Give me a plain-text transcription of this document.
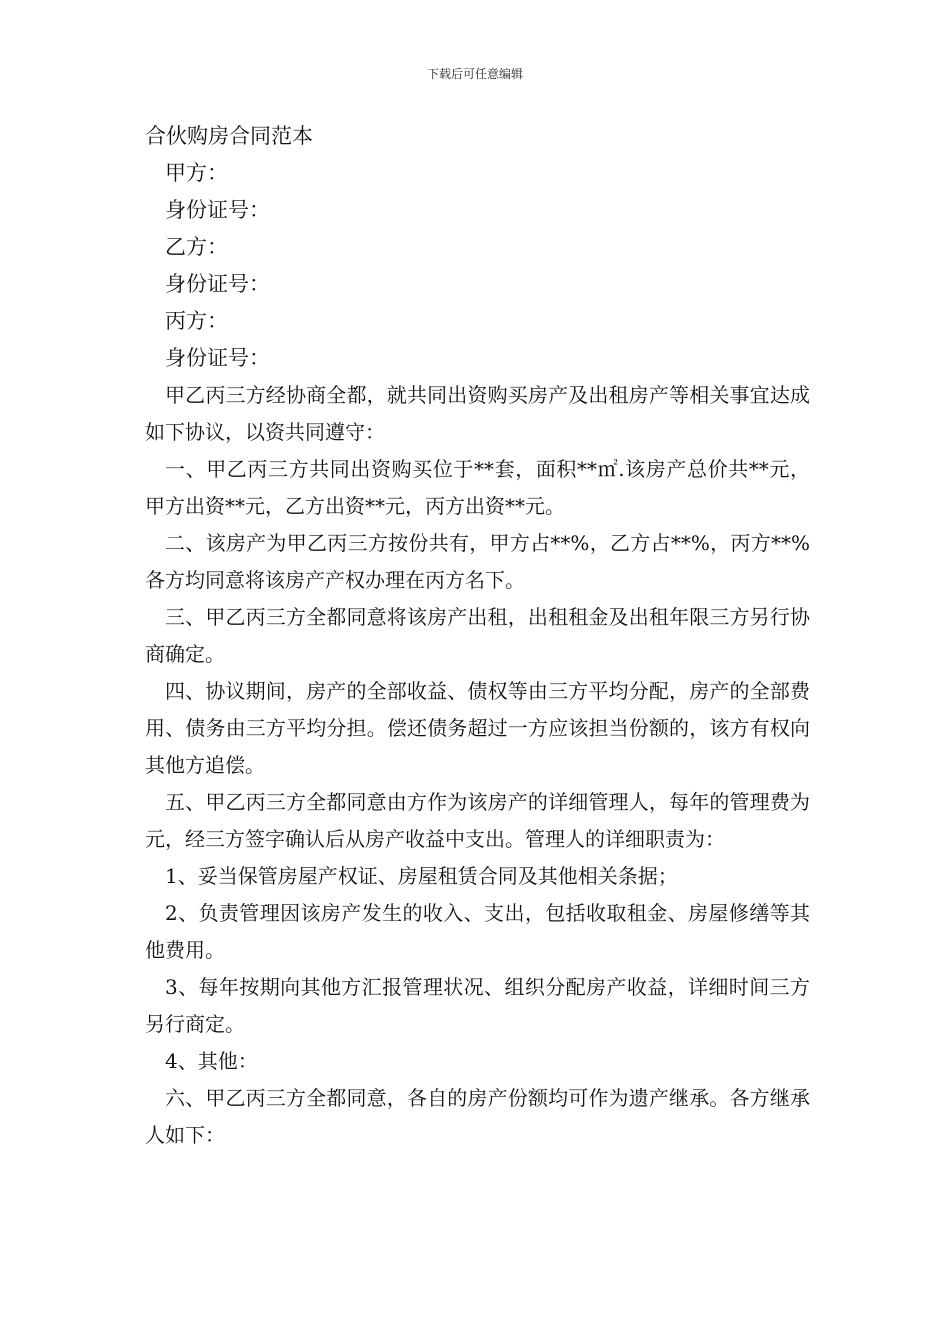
下载后可任意编辑
合伙购房合同范本
甲方：
身份证号：
乙方：
身份证号：
丙方：
身份证号：

甲乙丙三方经协商全都，就共同出资购买房产及出租房产等相关事宜达成如下协议，以资共同遵守：

一、甲乙丙三方共同出资购买位于**套，面积**㎡.该房产总价共**元，甲方出资**元，乙方出资**元，丙方出资**元。

二、该房产为甲乙丙三方按份共有，甲方占**%，乙方占**%，丙方**%各方均同意将该房产产权办理在丙方名下。

三、甲乙丙三方全都同意将该房产出租，出租租金及出租年限三方另行协商确定。

四、协议期间，房产的全部收益、债权等由三方平均分配，房产的全部费用、债务由三方平均分担。偿还债务超过一方应该担当份额的，该方有权向其他方追偿。

五、甲乙丙三方全都同意由方作为该房产的详细管理人，每年的管理费为元，经三方签字确认后从房产收益中支出。管理人的详细职责为：

1、妥当保管房屋产权证、房屋租赁合同及其他相关条据；

2、负责管理因该房产发生的收入、支出，包括收取租金、房屋修缮等其他费用。

3、每年按期向其他方汇报管理状况、组织分配房产收益，详细时间三方另行商定。

4、其他：

六、甲乙丙三方全都同意，各自的房产份额均可作为遗产继承。各方继承人如下：
